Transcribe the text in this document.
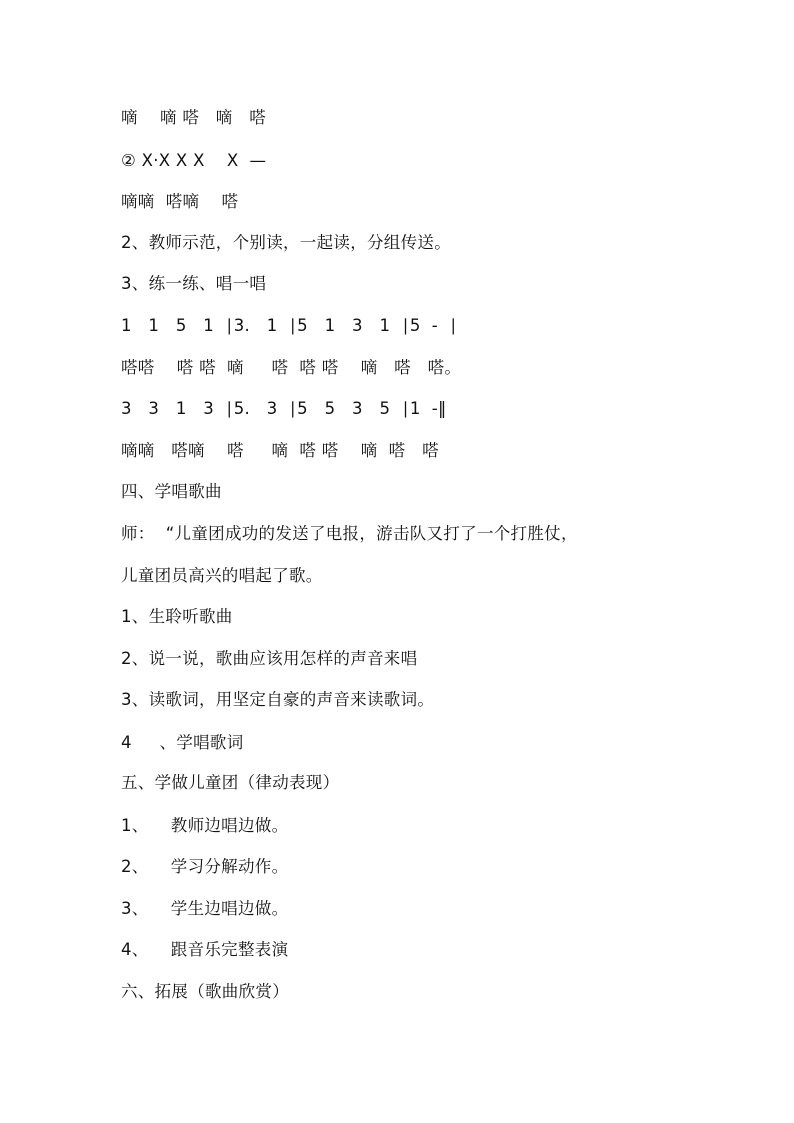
嘀    嘀 嗒   嘀   嗒
② X·X X X    X  —
嘀嘀  嗒嘀    嗒
2、教师示范，个别读，一起读，分组传送。
3、练一练、唱一唱
1   1   5   1  ∣3.   1  ∣5   1   3   1  ∣5  -  ∣
嗒嗒    嗒 嗒  嘀     嗒  嗒 嗒    嘀   嗒   嗒。
3   3   1   3  ∣5.   3  ∣5   5   3   5  ∣1  -‖
嘀嘀   嗒嘀    嗒     嘀  嗒 嗒    嘀  嗒   嗒
四、学唱歌曲
师：  “儿童团成功的发送了电报，游击队又打了一个打胜仗，
儿童团员高兴的唱起了歌。
1、生聆听歌曲
2、说一说，歌曲应该用怎样的声音来唱
3、读歌词，用坚定自豪的声音来读歌词。
4     、学唱歌词
五、学做儿童团（律动表现）
1、    教师边唱边做。
2、    学习分解动作。
3、    学生边唱边做。
4、    跟音乐完整表演
六、拓展（歌曲欣赏）
